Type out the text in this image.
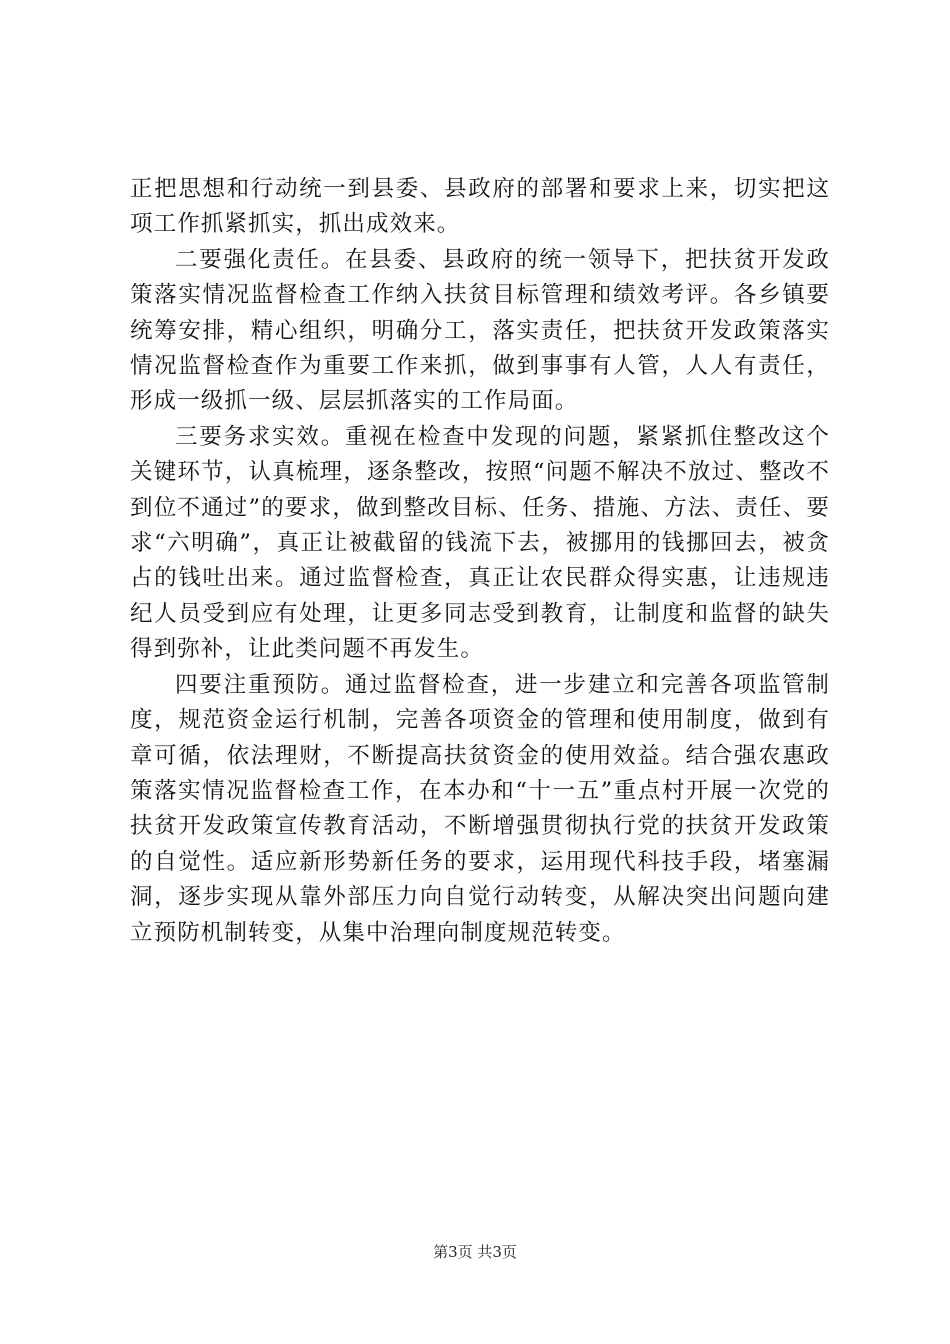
正把思想和行动统一到县委、县政府的部署和要求上来，切实把这项工作抓紧抓实，抓出成效来。

二要强化责任。在县委、县政府的统一领导下，把扶贫开发政策落实情况监督检查工作纳入扶贫目标管理和绩效考评。各乡镇要统筹安排，精心组织，明确分工，落实责任，把扶贫开发政策落实情况监督检查作为重要工作来抓，做到事事有人管，人人有责任，形成一级抓一级、层层抓落实的工作局面。

三要务求实效。重视在检查中发现的问题，紧紧抓住整改这个关键环节，认真梳理，逐条整改，按照“问题不解决不放过、整改不到位不通过”的要求，做到整改目标、任务、措施、方法、责任、要求“六明确”，真正让被截留的钱流下去，被挪用的钱挪回去，被贪占的钱吐出来。通过监督检查，真正让农民群众得实惠，让违规违纪人员受到应有处理，让更多同志受到教育，让制度和监督的缺失得到弥补，让此类问题不再发生。

四要注重预防。通过监督检查，进一步建立和完善各项监管制度，规范资金运行机制，完善各项资金的管理和使用制度，做到有章可循，依法理财，不断提高扶贫资金的使用效益。结合强农惠政策落实情况监督检查工作，在本办和“十一五”重点村开展一次党的扶贫开发政策宣传教育活动，不断增强贯彻执行党的扶贫开发政策的自觉性。适应新形势新任务的要求，运用现代科技手段，堵塞漏洞，逐步实现从靠外部压力向自觉行动转变，从解决突出问题向建立预防机制转变，从集中治理向制度规范转变。

第3页 共3页
